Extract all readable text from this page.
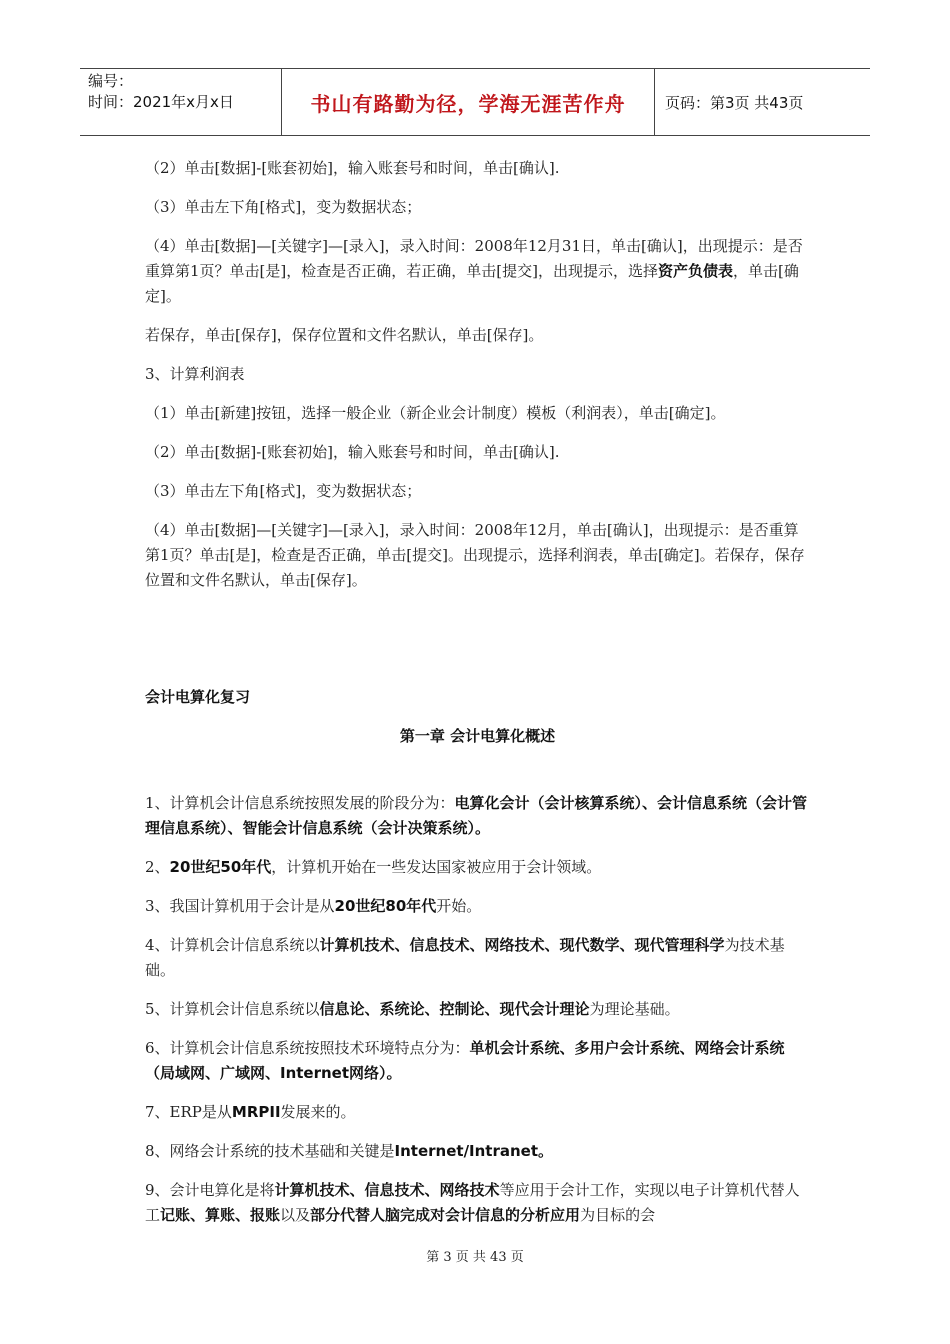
编号：
时间：2021年x月x日	书山有路勤为径，学海无涯苦作舟	页码：第3页 共43页

（2）单击[数据]-[账套初始]，输入账套号和时间，单击[确认].

（3）单击左下角[格式]，变为数据状态；

（4）单击[数据]—[关键字]—[录入]，录入时间：2008年12月31日，单击[确认]，出现提示：是否重算第1页？单击[是]，检查是否正确，若正确，单击[提交]，出现提示，选择资产负债表，单击[确定]。

若保存，单击[保存]，保存位置和文件名默认，单击[保存]。

3、计算利润表

（1）单击[新建]按钮，选择一般企业（新企业会计制度）模板（利润表），单击[确定]。

（2）单击[数据]-[账套初始]，输入账套号和时间，单击[确认].

（3）单击左下角[格式]，变为数据状态；

（4）单击[数据]—[关键字]—[录入]，录入时间：2008年12月，单击[确认]，出现提示：是否重算第1页？单击[是]，检查是否正确，单击[提交]。出现提示，选择利润表，单击[确定]。若保存，保存位置和文件名默认，单击[保存]。

会计电算化复习

第一章 会计电算化概述

1、计算机会计信息系统按照发展的阶段分为：电算化会计（会计核算系统）、会计信息系统（会计管理信息系统）、智能会计信息系统（会计决策系统）。

2、20世纪50年代，计算机开始在一些发达国家被应用于会计领域。

3、我国计算机用于会计是从20世纪80年代开始。

4、计算机会计信息系统以计算机技术、信息技术、网络技术、现代数学、现代管理科学为技术基础。

5、计算机会计信息系统以信息论、系统论、控制论、现代会计理论为理论基础。

6、计算机会计信息系统按照技术环境特点分为：单机会计系统、多用户会计系统、网络会计系统（局域网、广域网、Internet网络）。

7、ERP是从MRPII发展来的。

8、网络会计系统的技术基础和关键是Internet/Intranet。

9、会计电算化是将计算机技术、信息技术、网络技术等应用于会计工作，实现以电子计算机代替人工记账、算账、报账以及部分代替人脑完成对会计信息的分析应用为目标的会

第 3 页 共 43 页
